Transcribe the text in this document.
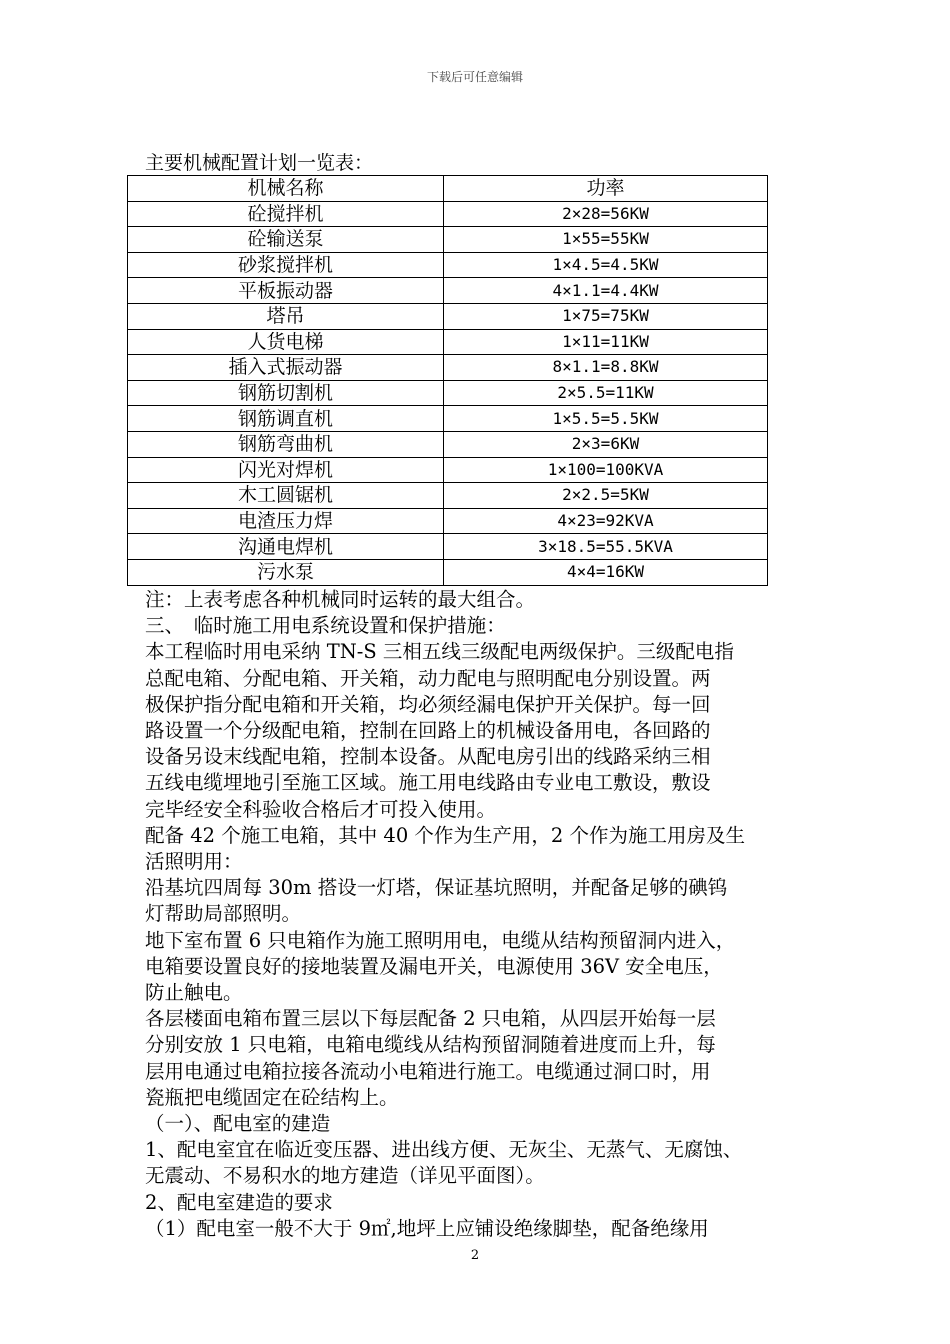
下载后可任意编辑
主要机械配置计划一览表：
机械名称	功率
砼搅拌机	2×28=56KW
砼输送泵	1×55=55KW
砂浆搅拌机	1×4.5=4.5KW
平板振动器	4×1.1=4.4KW
塔吊	1×75=75KW
人货电梯	1×11=11KW
插入式振动器	8×1.1=8.8KW
钢筋切割机	2×5.5=11KW
钢筋调直机	1×5.5=5.5KW
钢筋弯曲机	2×3=6KW
闪光对焊机	1×100=100KVA
木工圆锯机	2×2.5=5KW
电渣压力焊	4×23=92KVA
沟通电焊机	3×18.5=55.5KVA
污水泵	4×4=16KW

注：上表考虑各种机械同时运转的最大组合。

三、　临时施工用电系统设置和保护措施：

本工程临时用电采纳 TN-S 三相五线三级配电两级保护。三级配电指

总配电箱、分配电箱、开关箱，动力配电与照明配电分别设置。两

极保护指分配电箱和开关箱，均必须经漏电保护开关保护。每一回

路设置一个分级配电箱，控制在回路上的机械设备用电，各回路的

设备另设末线配电箱，控制本设备。从配电房引出的线路采纳三相

五线电缆埋地引至施工区域。施工用电线路由专业电工敷设，敷设

完毕经安全科验收合格后才可投入使用。

配备 42 个施工电箱，其中 40 个作为生产用，2 个作为施工用房及生

活照明用：

沿基坑四周每 30m 搭设一灯塔，保证基坑照明，并配备足够的碘钨

灯帮助局部照明。

地下室布置 6 只电箱作为施工照明用电，电缆从结构预留洞内进入，

电箱要设置良好的接地装置及漏电开关，电源使用 36V 安全电压，

防止触电。

各层楼面电箱布置三层以下每层配备 2 只电箱，从四层开始每一层

分别安放 1 只电箱，电箱电缆线从结构预留洞随着进度而上升，每

层用电通过电箱拉接各流动小电箱进行施工。电缆通过洞口时，用

瓷瓶把电缆固定在砼结构上。

（一）、配电室的建造

1、配电室宜在临近变压器、进出线方便、无灰尘、无蒸气、无腐蚀、

无震动、不易积水的地方建造（详见平面图）。

2、配电室建造的要求

（1）配电室一般不大于 9㎡,地坪上应铺设绝缘脚垫，配备绝缘用

2
